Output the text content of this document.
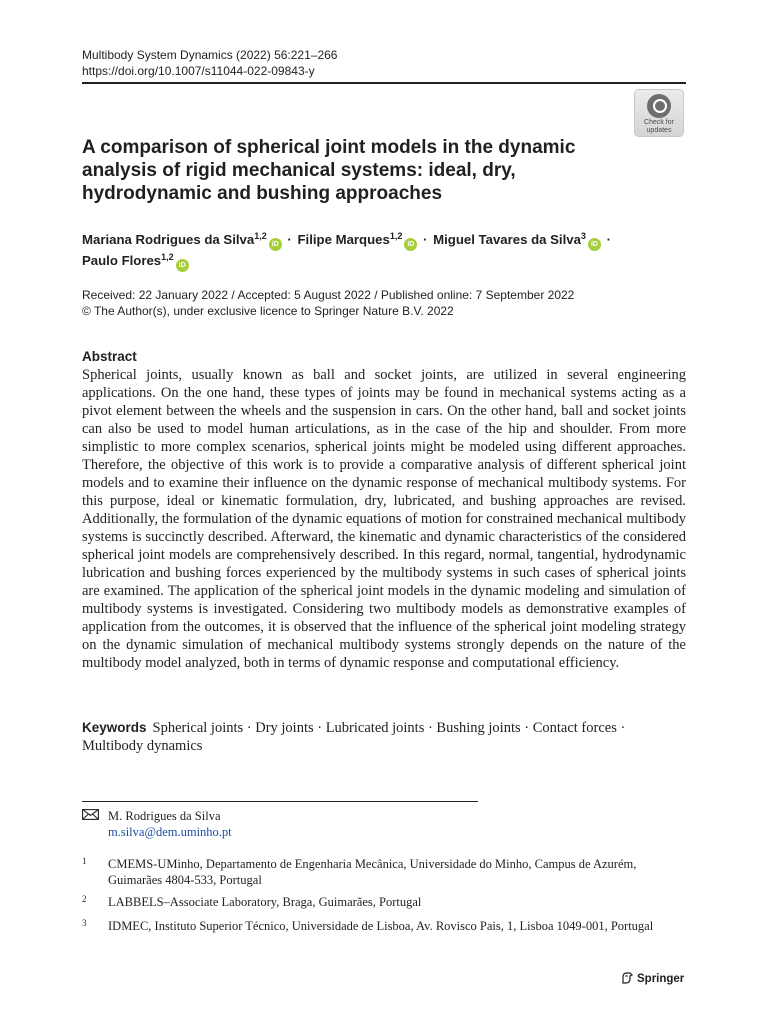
Multibody System Dynamics (2022) 56:221–266
https://doi.org/10.1007/s11044-022-09843-y
Check for
updates
A comparison of spherical joint models in the dynamic analysis of rigid mechanical systems: ideal, dry, hydrodynamic and bushing approaches
Mariana Rodrigues da Silva$^{1,2}$iD · Filipe Marques$^{1,2}$iD · Miguel Tavares da Silva$^3$iD ·
Paulo Flores$^{1,2}$iD
Received: 22 January 2022 / Accepted: 5 August 2022 / Published online: 7 September 2022
© The Author(s), under exclusive licence to Springer Nature B.V. 2022
Abstract
Spherical joints, usually known as ball and socket joints, are utilized in several engineering applications. On the one hand, these types of joints may be found in mechanical systems acting as a pivot element between the wheels and the suspension in cars. On the other hand, ball and socket joints can also be used to model human articulations, as in the case of the hip and shoulder. From more simplistic to more complex scenarios, spherical joints might be modeled using different approaches. Therefore, the objective of this work is to provide a comparative analysis of different spherical joint models and to examine their influence on the dynamic response of mechanical multibody systems. For this purpose, ideal or kinematic formulation, dry, lubricated, and bushing approaches are revised. Additionally, the formulation of the dynamic equations of motion for constrained mechanical multibody systems is succinctly described. Afterward, the kinematic and dynamic characteristics of the considered spherical joint models are comprehensively described. In this regard, normal, tangential, hydrodynamic lubrication and bushing forces experienced by the multibody systems in such cases of spherical joints are examined. The application of the spherical joint models in the dynamic modeling and simulation of multibody systems is investigated. Considering two multibody models as demonstrative examples of application from the outcomes, it is observed that the influence of the spherical joint modeling strategy on the dynamic simulation of mechanical multibody systems strongly depends on the nature of the multibody model analyzed, both in terms of dynamic response and computational efficiency.
Keywords Spherical joints · Dry joints · Lubricated joints · Bushing joints · Contact forces · Multibody dynamics
M. Rodrigues da Silva
m.silva@dem.uminho.pt
1 CMEMS-UMinho, Departamento de Engenharia Mecânica, Universidade do Minho, Campus de Azurém, Guimarães 4804-533, Portugal
2 LABBELS–Associate Laboratory, Braga, Guimarães, Portugal
3 IDMEC, Instituto Superior Técnico, Universidade de Lisboa, Av. Rovisco Pais, 1, Lisboa 1049-001, Portugal
Springer
